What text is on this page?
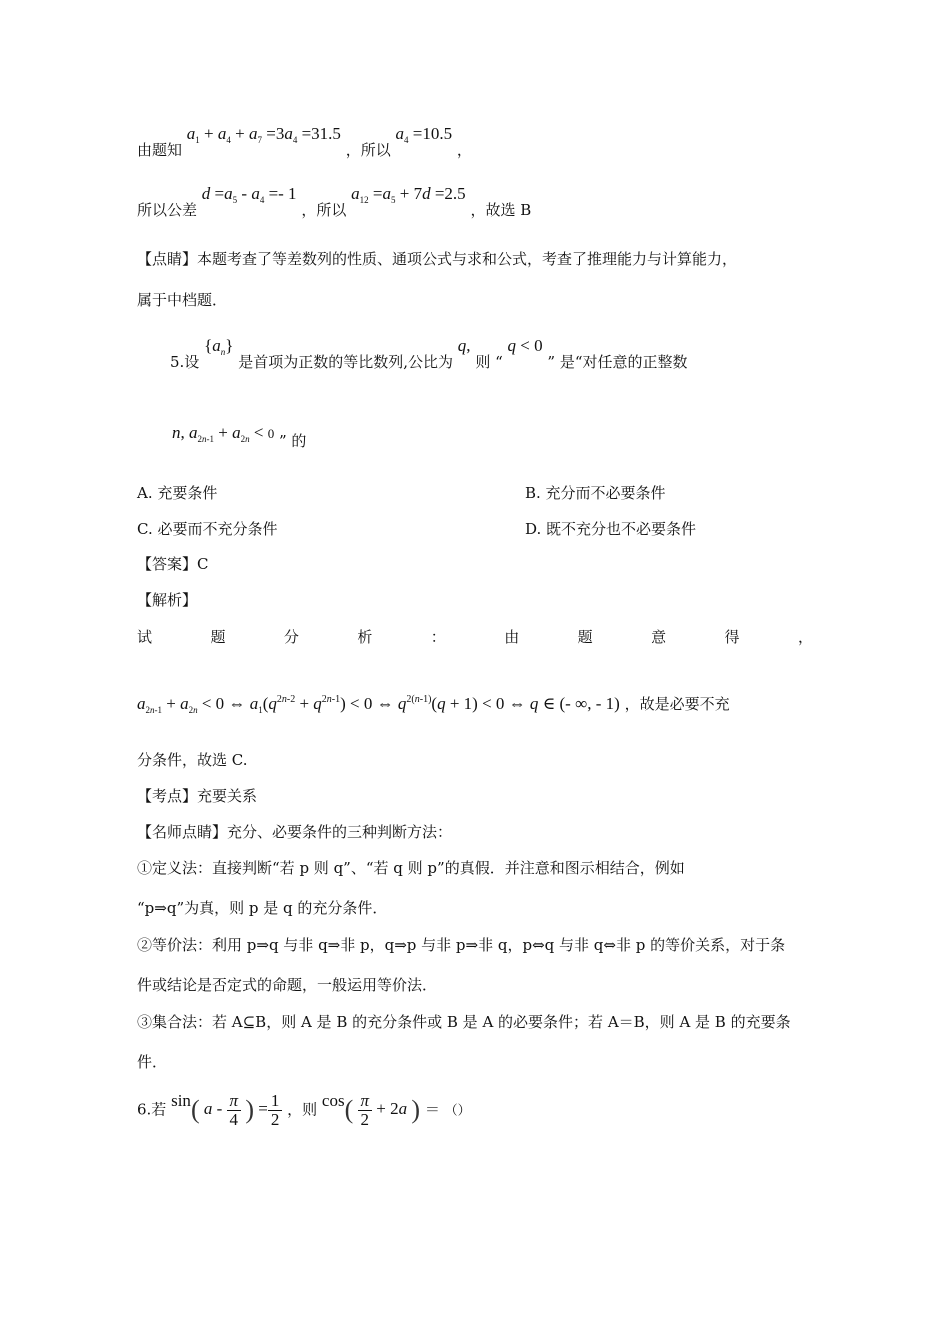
由题知 $a_1 + a_4 + a_7 =3a_4 =31.5$ ，所以 $a_4 =10.5$ ，
所以公差 $d =a_5 - a_4 =- 1$ ，所以 $a_{12} =a_5 + 7d =2.5$ ，故选 B
【点睛】本题考查了等差数列的性质、通项公式与求和公式，考查了推理能力与计算能力，
属于中档题．
5.设 $\{a_n\}$ 是首项为正数的等比数列,公比为 q, 则 “ q < 0 ” 是“对任意的正整数
n, $a_{2n-1} + a_{2n} < 0$ ” 的
A. 充要条件	B. 充分而不必要条件
C. 必要而不充分条件	D. 既不充分也不必要条件
【答案】C
【解析】
试	题	分	析	：	由	题	意	得	，
$a_{2n-1} + a_{2n} < 0$ ⇔ $a_1(q^{2n-2} + q^{2n-1}) < 0$ ⇔ $q^{2(n-1)}(q + 1) < 0$ ⇔ q ∈ (- ∞, - 1) ，故是必要不充
分条件，故选 C.
【考点】充要关系
【名师点睛】充分、必要条件的三种判断方法：
①定义法：直接判断“若 p 则 q”、“若 q 则 p”的真假．并注意和图示相结合，例如
“p⇒q”为真，则 p 是 q 的充分条件．
②等价法：利用 p⇒q 与非 q⇒非 p，q⇒p 与非 p⇒非 q，p⇔q 与非 q⇔非 p 的等价关系，对于条
件或结论是否定式的命题，一般运用等价法．
③集合法：若 A⊆B，则 A 是 B 的充分条件或 B 是 A 的必要条件；若 A＝B，则 A 是 B 的充要条
件．
6.若 sin( a - $\frac{\pi}{4}$ ) = $\frac{1}{2}$ ，则 $\cos( \frac{\pi}{2} + 2a$ ) ＝ （）
